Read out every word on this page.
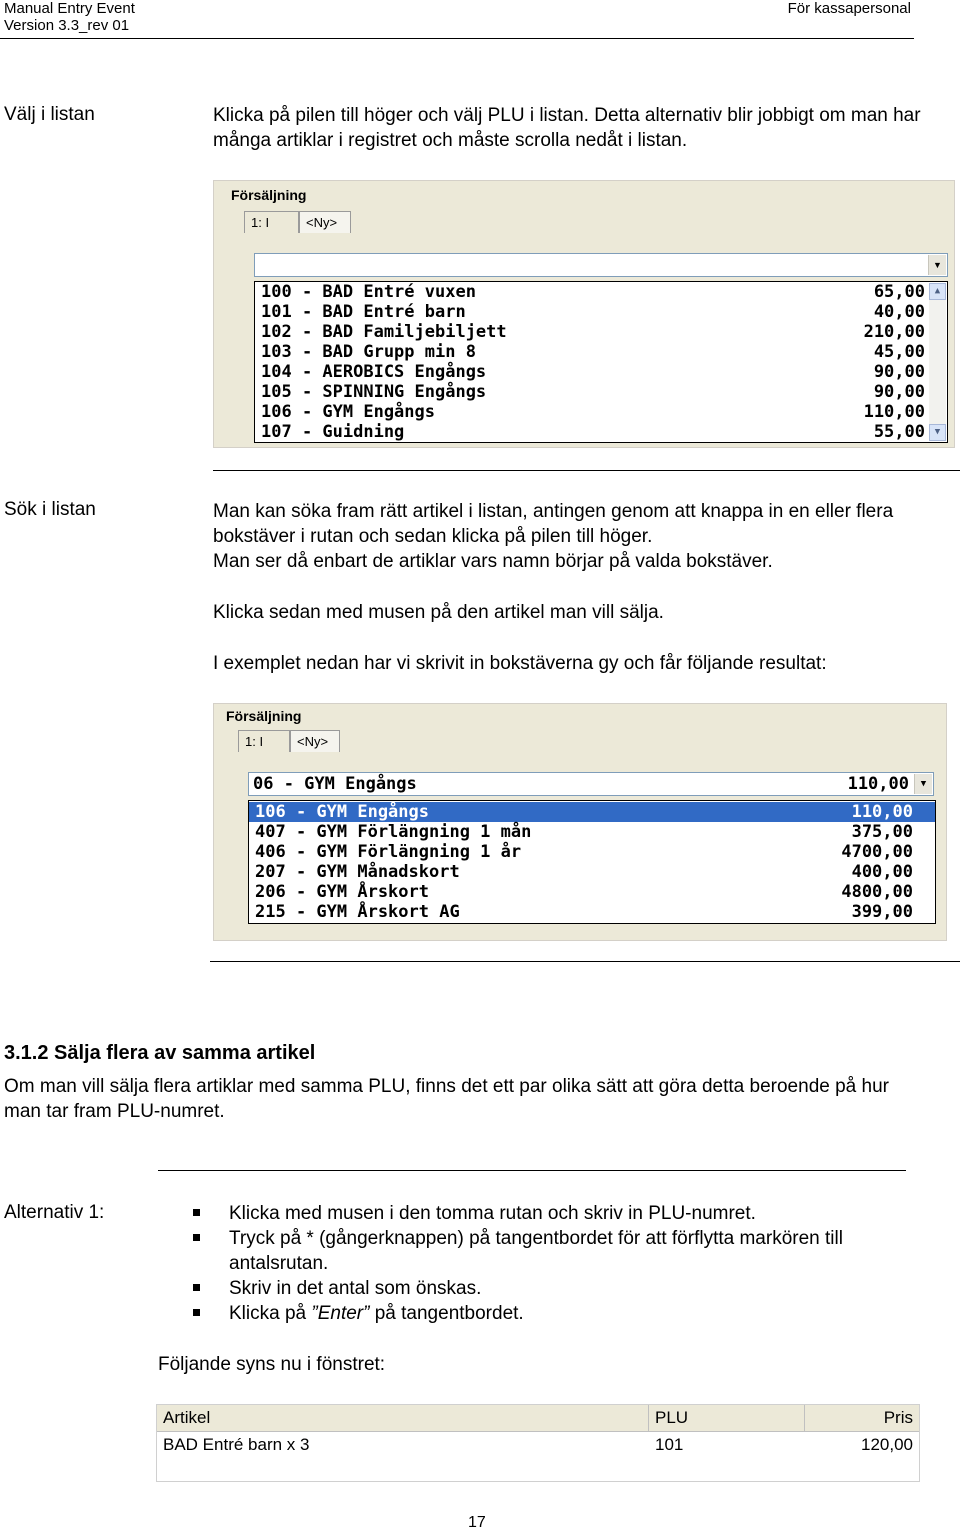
Manual Entry Event
Version 3.3_rev 01
För kassapersonal
Välj i listan	Klicka på pilen till höger och välj PLU i listan. Detta alternativ blir jobbigt om man har många artiklar i registret och måste scrolla nedåt i listan.
Försäljning
1: I	<Ny>
▼
100 - BAD Entré vuxen	65,00
101 - BAD Entré barn	40,00
102 - BAD Familjebiljett	210,00
103 - BAD Grupp min 8	45,00
104 - AEROBICS Engångs	90,00
105 - SPINNING Engångs	90,00
106 - GYM Engångs	110,00
107 - Guidning	55,00
▲
▼
Sök i listan	Man kan söka fram rätt artikel i listan, antingen genom att knappa in en eller flera bokstäver i rutan och sedan klicka på pilen till höger.
Man ser då enbart de artiklar vars namn börjar på valda bokstäver.
Klicka sedan med musen på den artikel man vill sälja.
I exemplet nedan har vi skrivit in bokstäverna gy och får följande resultat:
Försäljning
1: I	<Ny>
06 - GYM Engångs	110,00	▼
106 - GYM Engångs	110,00
407 - GYM Förlängning 1 mån	375,00
406 - GYM Förlängning 1 år	4700,00
207 - GYM Månadskort	400,00
206 - GYM Årskort	4800,00
215 - GYM Årskort AG	399,00
3.1.2 Sälja flera av samma artikel
Om man vill sälja flera artiklar med samma PLU, finns det ett par olika sätt att göra detta beroende på hur man tar fram PLU-numret.
Alternativ 1:	Klicka med musen i den tomma rutan och skriv in PLU-numret.
Tryck på * (gångerknappen) på tangentbordet för att förflytta markören till antalsrutan.
Skriv in det antal som önskas.
Klicka på ”Enter” på tangentbordet.
Följande syns nu i fönstret:
Artikel	PLU	Pris
BAD Entré barn x 3	101	120,00
17
